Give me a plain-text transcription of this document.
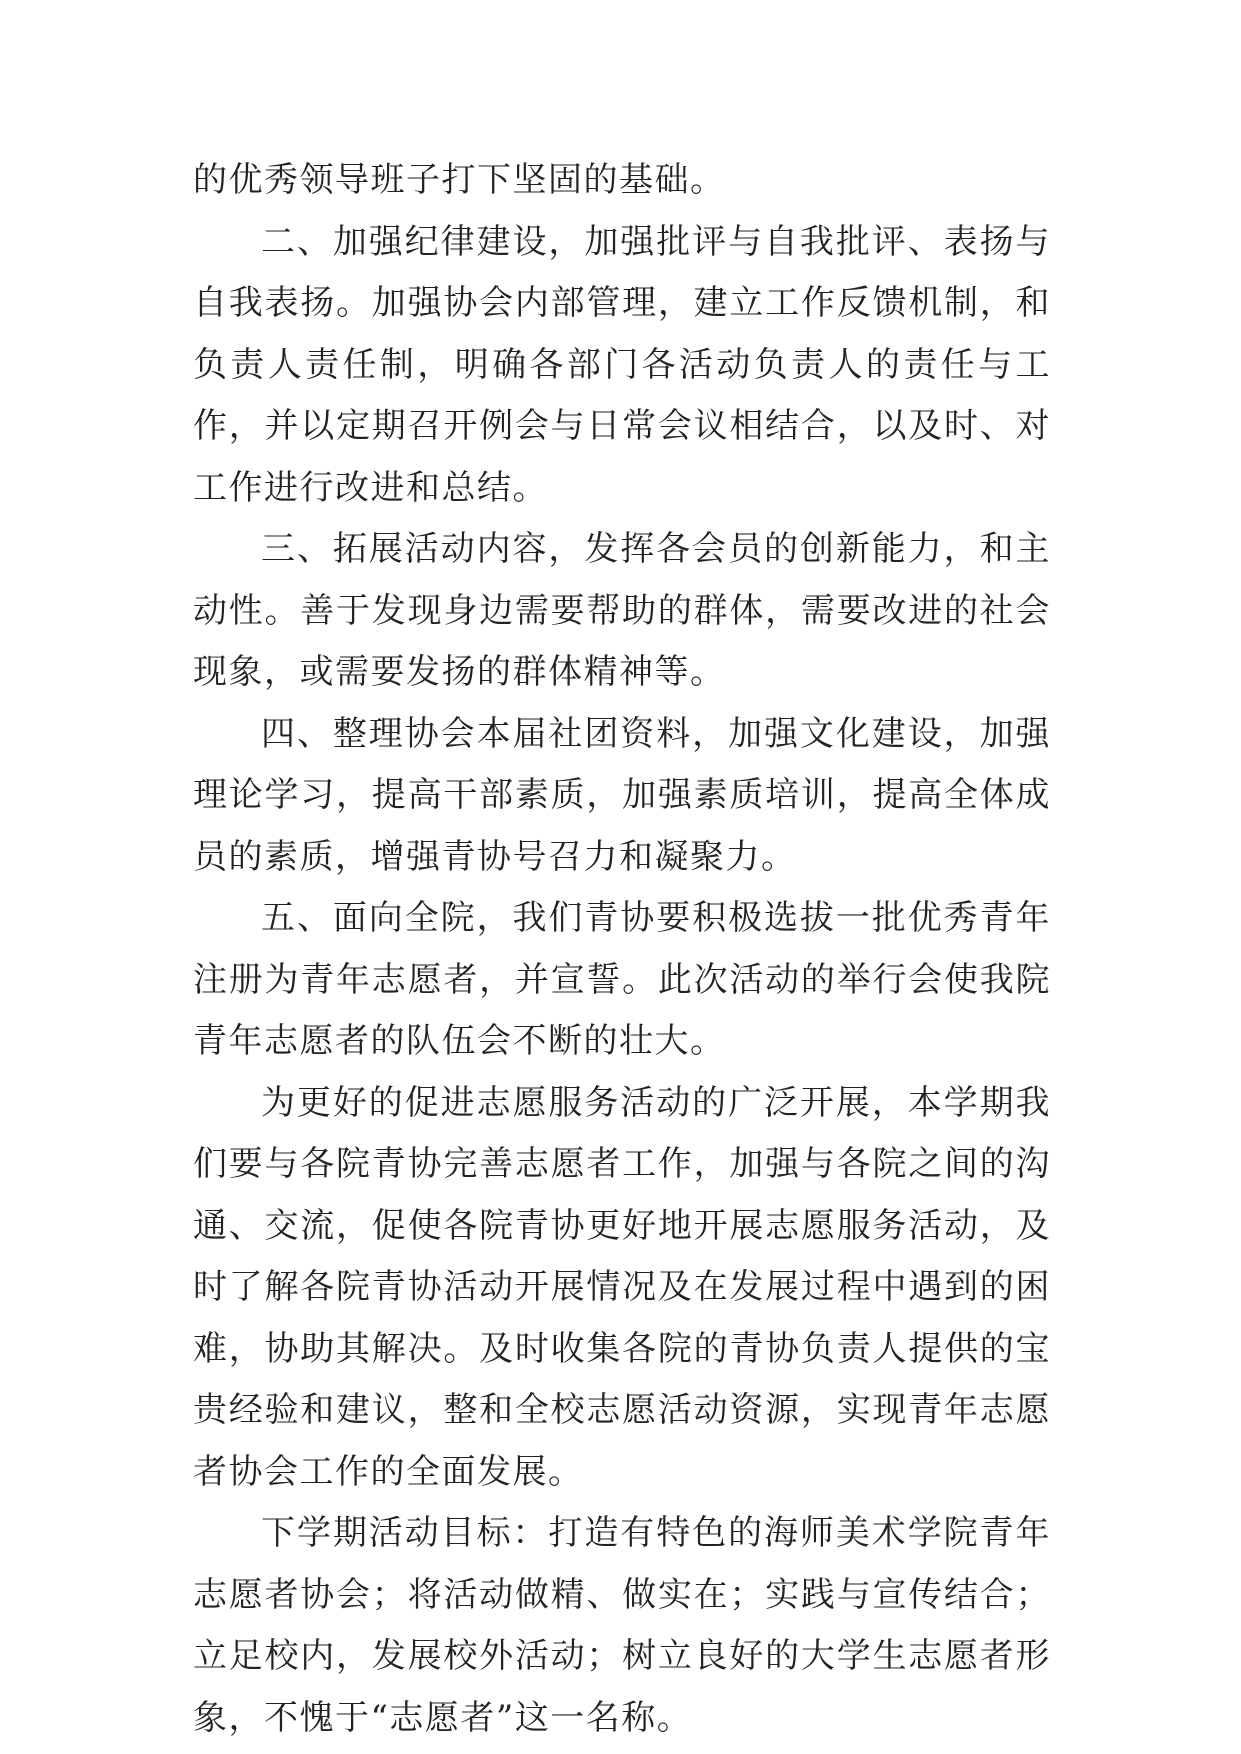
的优秀领导班子打下坚固的基础。

二、加强纪律建设，加强批评与自我批评、表扬与自我表扬。加强协会内部管理，建立工作反馈机制，和负责人责任制，明确各部门各活动负责人的责任与工作，并以定期召开例会与日常会议相结合，以及时、对工作进行改进和总结。

三、拓展活动内容，发挥各会员的创新能力，和主动性。善于发现身边需要帮助的群体，需要改进的社会现象，或需要发扬的群体精神等。

四、整理协会本届社团资料，加强文化建设，加强理论学习，提高干部素质，加强素质培训，提高全体成员的素质，增强青协号召力和凝聚力。

五、面向全院，我们青协要积极选拔一批优秀青年注册为青年志愿者，并宣誓。此次活动的举行会使我院青年志愿者的队伍会不断的壮大。

为更好的促进志愿服务活动的广泛开展，本学期我们要与各院青协完善志愿者工作，加强与各院之间的沟通、交流，促使各院青协更好地开展志愿服务活动，及时了解各院青协活动开展情况及在发展过程中遇到的困难，协助其解决。及时收集各院的青协负责人提供的宝贵经验和建议，整和全校志愿活动资源，实现青年志愿者协会工作的全面发展。

下学期活动目标：打造有特色的海师美术学院青年志愿者协会；将活动做精、做实在；实践与宣传结合；立足校内，发展校外活动；树立良好的大学生志愿者形象，不愧于“志愿者”这一名称。
